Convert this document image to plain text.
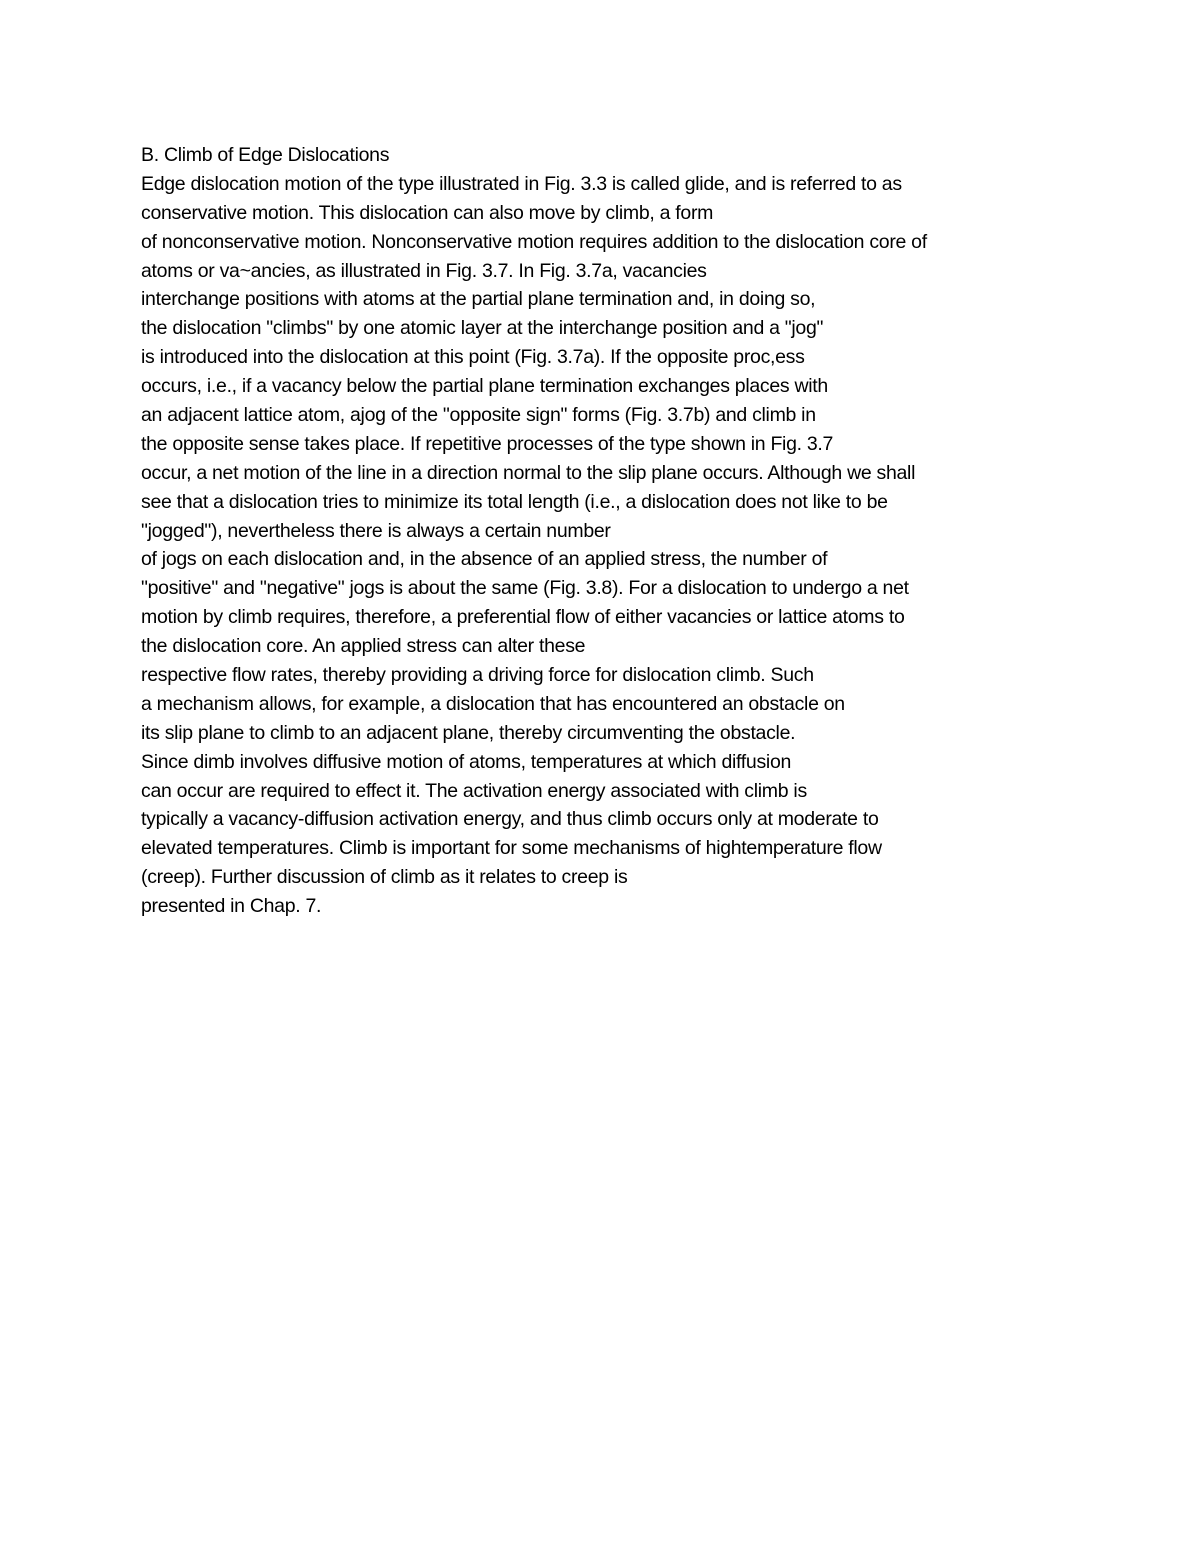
B. Climb of Edge Dislocations
Edge dislocation motion of the type illustrated in Fig. 3.3 is called glide, and is referred to as
conservative motion. This dislocation can also move by climb, a form
of nonconservative motion. Nonconservative motion requires addition to the dislocation core of
atoms or va~ancies, as illustrated in Fig. 3.7. In Fig. 3.7a, vacancies
interchange positions with atoms at the partial plane termination and, in doing so,
the dislocation "climbs" by one atomic layer at the interchange position and a "jog"
is introduced into the dislocation at this point (Fig. 3.7a). If the opposite proc,ess
occurs, i.e., if a vacancy below the partial plane termination exchanges places with
an adjacent lattice atom, ajog of the "opposite sign" forms (Fig. 3.7b) and climb in
the opposite sense takes place. If repetitive processes of the type shown in Fig. 3.7
occur, a net motion of the line in a direction normal to the slip plane occurs. Although we shall
see that a dislocation tries to minimize its total length (i.e., a dislocation does not like to be
"jogged"), nevertheless there is always a certain number
of jogs on each dislocation and, in the absence of an applied stress, the number of
"positive" and "negative" jogs is about the same (Fig. 3.8). For a dislocation to undergo a net
motion by climb requires, therefore, a preferential flow of either vacancies or lattice atoms to
the dislocation core. An applied stress can alter these
respective flow rates, thereby providing a driving force for dislocation climb. Such
a mechanism allows, for example, a dislocation that has encountered an obstacle on
its slip plane to climb to an adjacent plane, thereby circumventing the obstacle.
Since dimb involves diffusive motion of atoms, temperatures at which diffusion
can occur are required to effect it. The activation energy associated with climb is
typically a vacancy-diffusion activation energy, and thus climb occurs only at moderate to
elevated temperatures. Climb is important for some mechanisms of hightemperature flow
(creep). Further discussion of climb as it relates to creep is
presented in Chap. 7.
